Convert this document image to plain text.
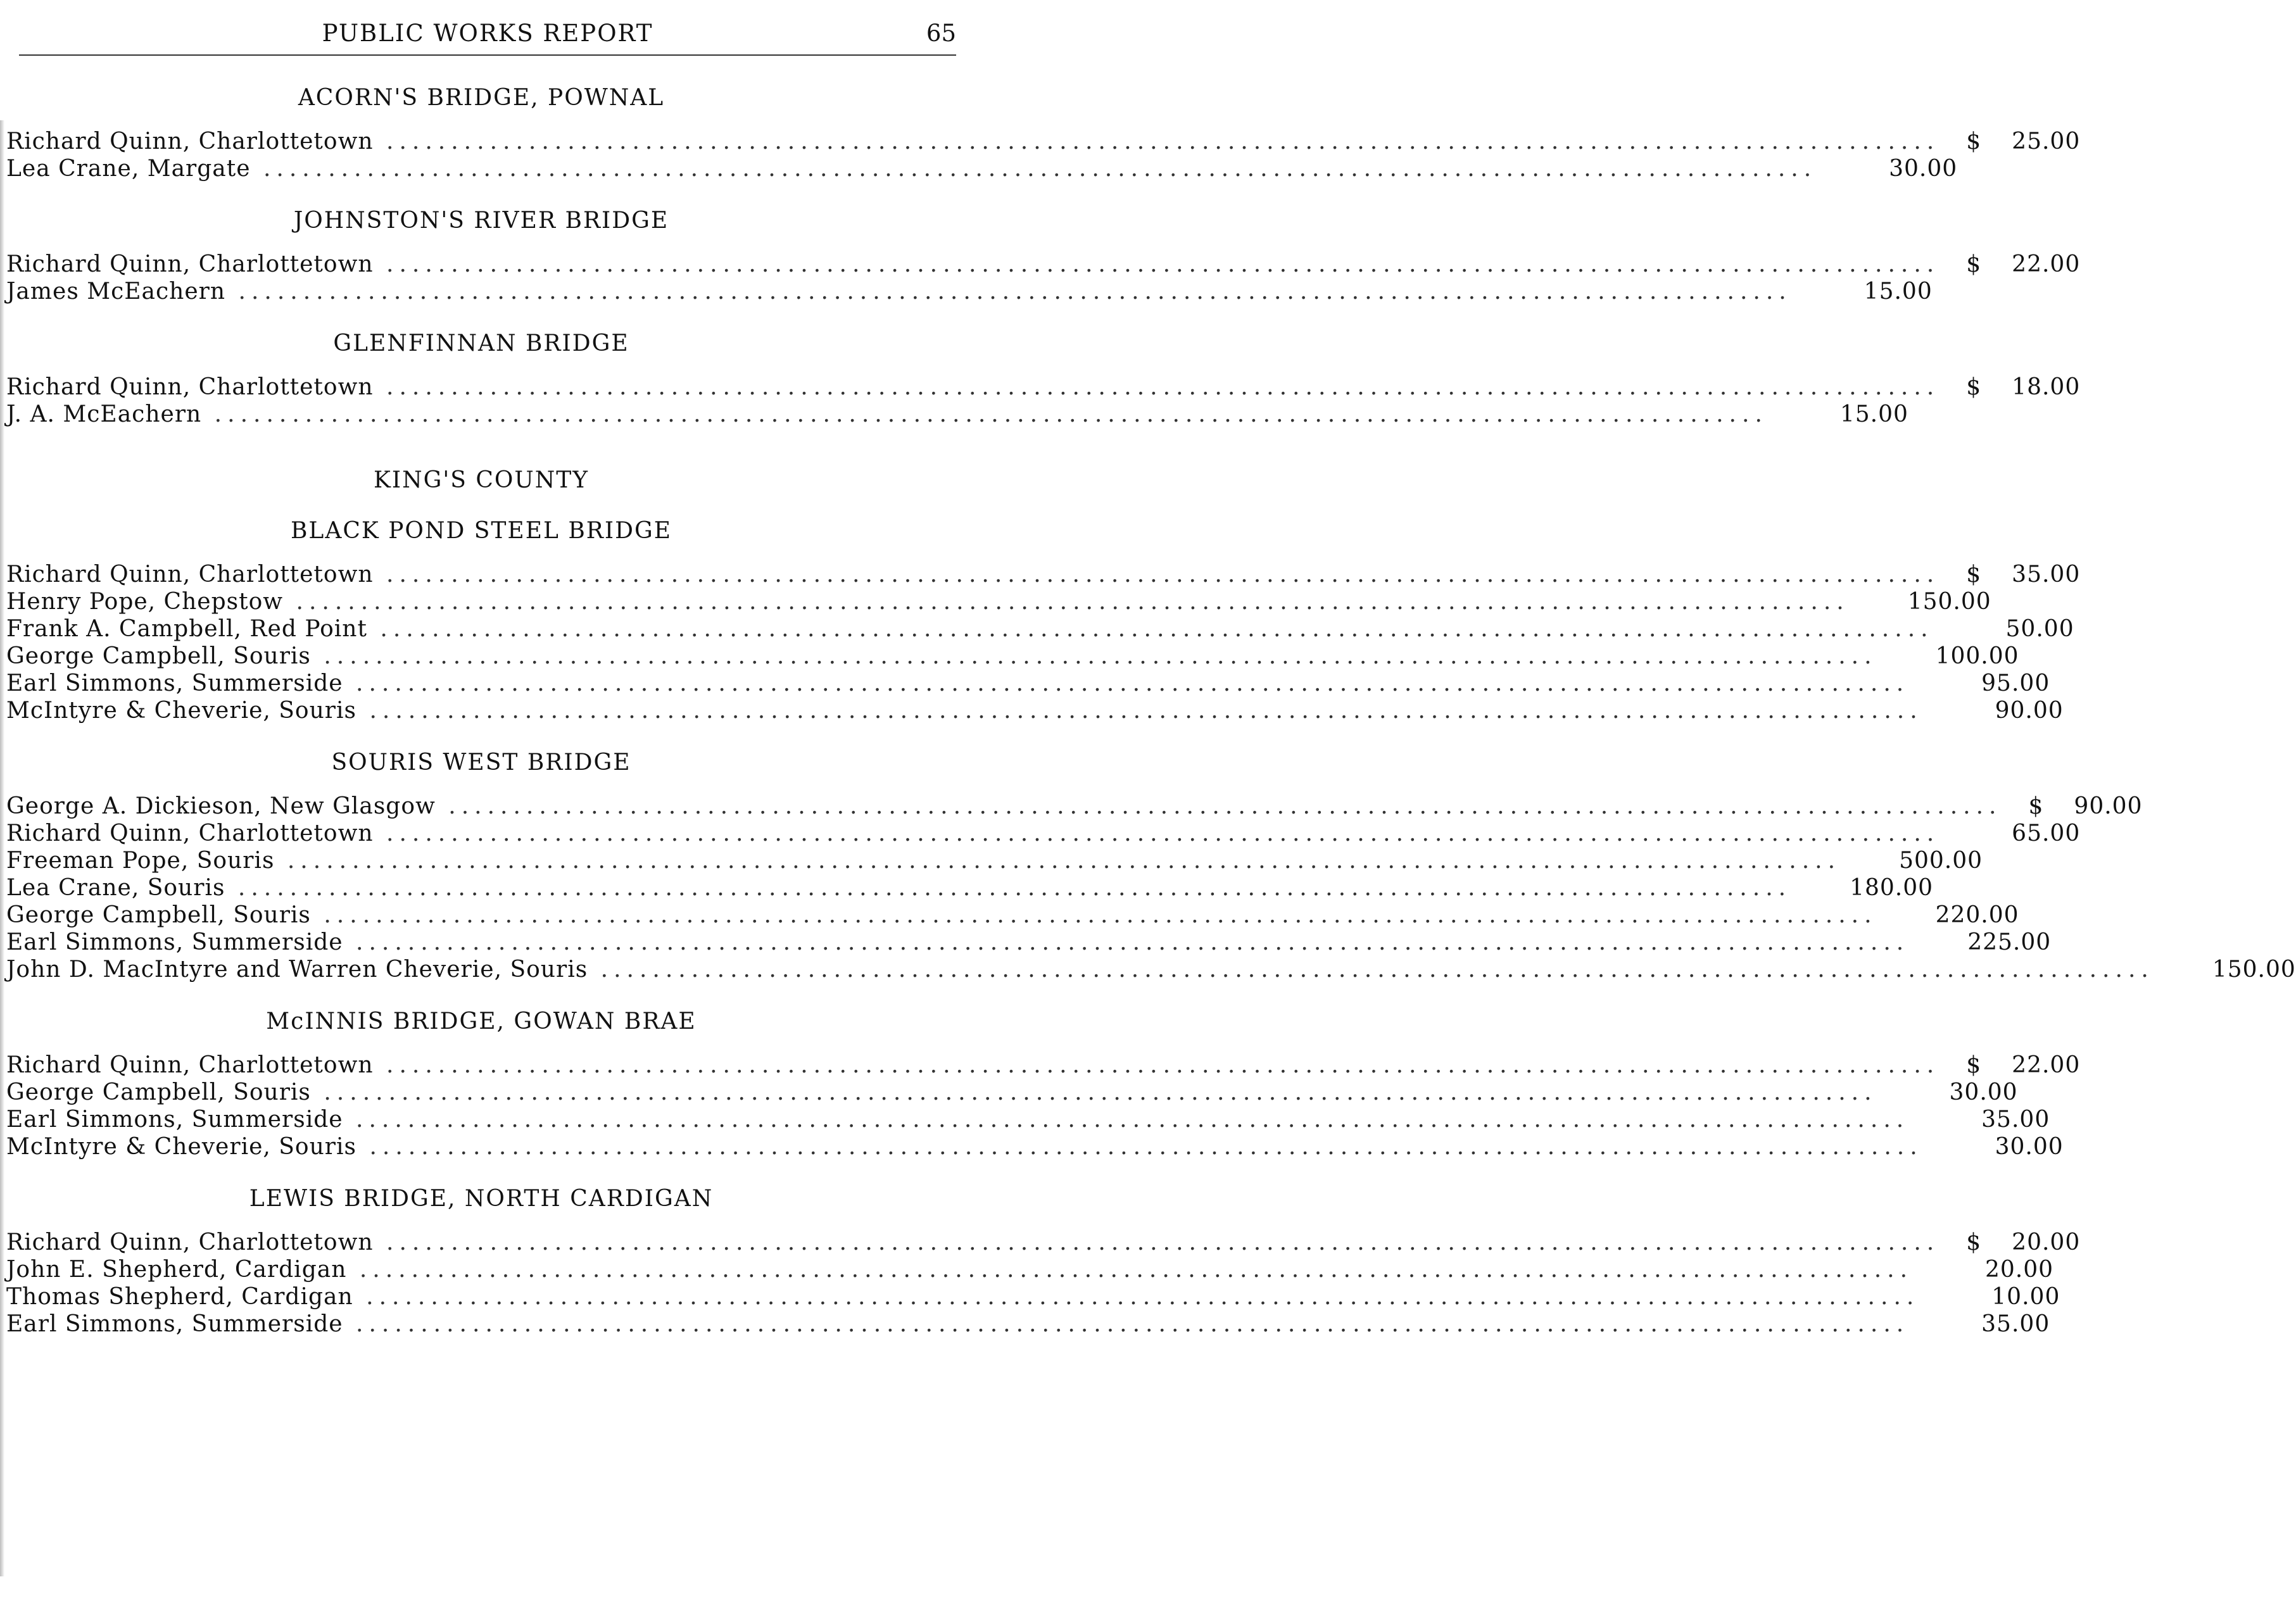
PUBLIC WORKS REPORT	65
ACORN'S BRIDGE, POWNAL
Richard Quinn, Charlottetown ........................................................................................................................ $	25.00
Lea Crane, Margate ........................................................................................................................	30.00
JOHNSTON'S RIVER BRIDGE
Richard Quinn, Charlottetown ........................................................................................................................ $	22.00
James McEachern ........................................................................................................................	15.00
GLENFINNAN BRIDGE
Richard Quinn, Charlottetown ........................................................................................................................ $	18.00
J. A. McEachern ........................................................................................................................	15.00
KING'S COUNTY
BLACK POND STEEL BRIDGE
Richard Quinn, Charlottetown ........................................................................................................................ $	35.00
Henry Pope, Chepstow ........................................................................................................................	150.00
Frank A. Campbell, Red Point ........................................................................................................................	50.00
George Campbell, Souris ........................................................................................................................	100.00
Earl Simmons, Summerside ........................................................................................................................	95.00
McIntyre & Cheverie, Souris ........................................................................................................................	90.00
SOURIS WEST BRIDGE
George A. Dickieson, New Glasgow ........................................................................................................................ $	90.00
Richard Quinn, Charlottetown ........................................................................................................................	65.00
Freeman Pope, Souris ........................................................................................................................	500.00
Lea Crane, Souris ........................................................................................................................	180.00
George Campbell, Souris ........................................................................................................................	220.00
Earl Simmons, Summerside ........................................................................................................................	225.00
John D. MacIntyre and Warren Cheverie, Souris ........................................................................................................................	150.00
McINNIS BRIDGE, GOWAN BRAE
Richard Quinn, Charlottetown ........................................................................................................................ $	22.00
George Campbell, Souris ........................................................................................................................	30.00
Earl Simmons, Summerside ........................................................................................................................	35.00
McIntyre & Cheverie, Souris ........................................................................................................................	30.00
LEWIS BRIDGE, NORTH CARDIGAN
Richard Quinn, Charlottetown ........................................................................................................................ $	20.00
John E. Shepherd, Cardigan ........................................................................................................................	20.00
Thomas Shepherd, Cardigan ........................................................................................................................	10.00
Earl Simmons, Summerside ........................................................................................................................	35.00
